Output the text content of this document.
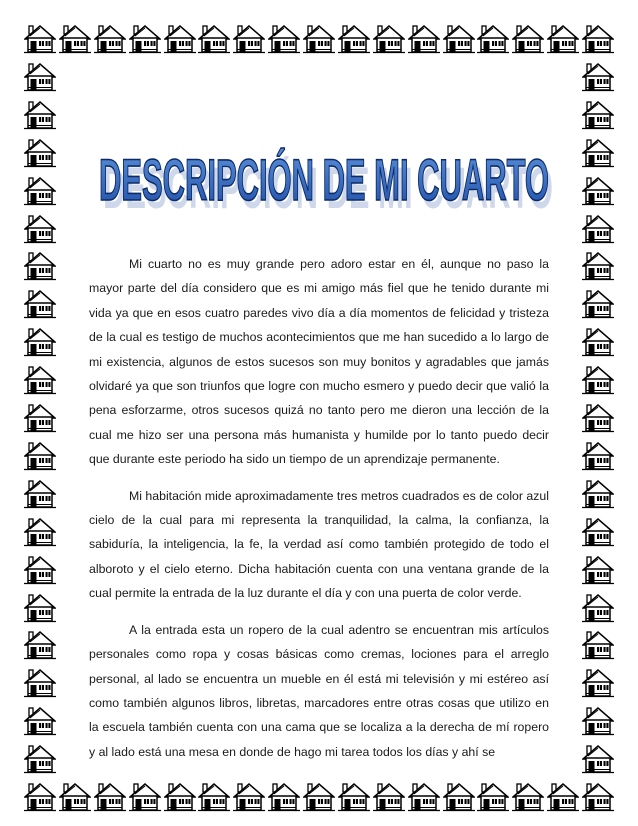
DESCRIPCIÓN DE MI CUARTO
DESCRIPCIÓN DE MI CUARTO

Mi cuarto no es muy grande pero adoro estar en él, aunque no paso la mayor parte del día considero que es mi amigo más fiel que he tenido durante mi vida ya que en esos cuatro paredes vivo día a día momentos de felicidad y tristeza de la cual es testigo de muchos acontecimientos que me han sucedido a lo largo de mi existencia, algunos de estos sucesos son muy bonitos y agradables que jamás olvidaré ya que son triunfos que logre con mucho esmero y puedo decir que valió la pena esforzarme, otros sucesos quizá no tanto pero me dieron una lección de la cual me hizo ser una persona más humanista y humilde por lo tanto puedo decir que durante este periodo ha sido un tiempo de un aprendizaje permanente.

Mi habitación mide aproximadamente tres metros cuadrados es de color azul cielo de la cual para mi representa la tranquilidad, la calma, la confianza, la sabiduría, la inteligencia, la fe, la verdad así como también protegido de todo el alboroto y el cielo eterno. Dicha habitación cuenta con una ventana grande de la cual permite la entrada de la luz durante el día y con una puerta de color verde.

A la entrada esta un ropero de la cual adentro se encuentran mis artículos personales como ropa y cosas básicas como cremas, lociones para el arreglo personal, al lado se encuentra un mueble en él está mi televisión y mi estéreo así como también algunos libros, libretas, marcadores entre otras cosas que utilizo en la escuela también cuenta con una cama que se localiza a la derecha de mí ropero y al lado está una mesa en donde de hago mi tarea todos los días y ahí se
